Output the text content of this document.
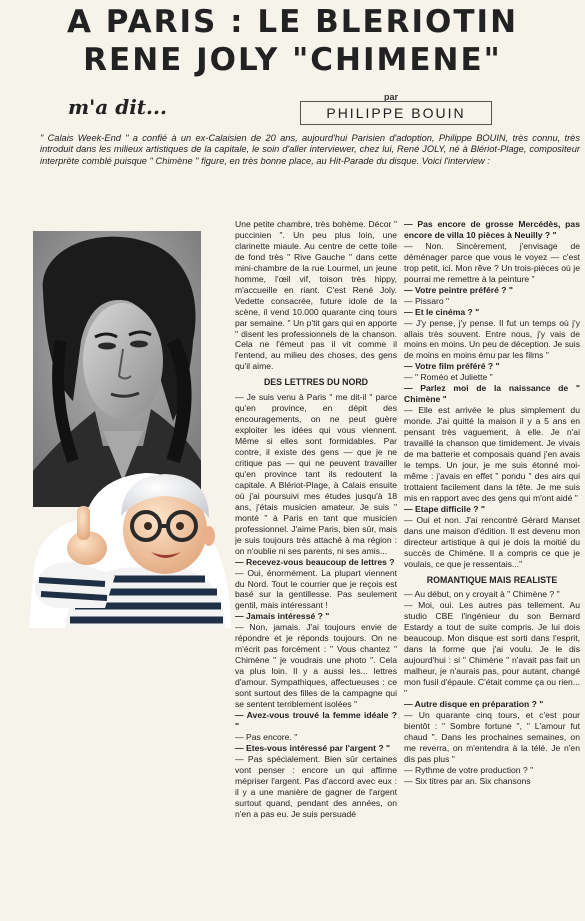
A PARIS : LE BLERIOTIN
RENE JOLY "CHIMENE"
m'a dit...	par
PHILIPPE BOUIN
" Calais Week-End " a confié à un ex-Calaisien de 20 ans, aujourd'hui Parisien d'adoption, Philippe BOUIN, très connu, très introduit dans les milieux artistiques de la capitale, le soin d'aller interviewer, chez lui, René JOLY, né à Blériot-Plage, compositeur interprète comblé puisque " Chimène " figure, en très bonne place, au Hit-Parade du disque. Voici l'interview :

Une petite chambre, très bohème. Décor " puccinien ". Un peu plus loin, une clarinette miaule. Au centre de cette toile de fond très " Rive Gauche " dans cette mini-chambre de la rue Lourmel, un jeune homme, l'œil vif, toison très hippy, m'accueille en riant. C'est René Joly. Vedette consacrée, future idole de la scène, il vend 10.000 quarante cinq tours par semaine. " Un p'tit gars qui en apporte " disent les professionnels de la chanson. Cela ne l'émeut pas il vit comme il l'entend, au milieu des choses, des gens qu'il aime.

DES LETTRES DU NORD

— Je suis venu à Paris " me dit-il " parce qu'en province, en dépit des encouragements, on ne peut guère exploiter les idées qui vous viennent. Même si elles sont formidables. Par contre, il existe des gens — que je ne critique pas — qui ne peuvent travailler qu'en province tant ils redoutent la capitale. A Blériot-Plage, à Calais ensuite où j'ai poursuivi mes études jusqu'à 18 ans, j'étais musicien amateur. Je suis " monté " à Paris en tant que musicien professionnel. J'aime Paris, bien sûr, mais je suis toujours très attaché à ma région : on n'oublie ni ses parents, ni ses amis...

— Recevez-vous beaucoup de lettres ?

— Oui, énormément. La plupart viennent du Nord. Tout le courrier que je reçois est basé sur la gentillesse. Pas seulement gentil, mais intéressant !

— Jamais intéressé ? "

— Non, jamais. J'ai toujours envie de répondre et je réponds toujours. On ne m'écrit pas forcément : " Vous chantez " Chimène " je voudrais une photo ". Cela va plus loin. Il y a aussi les... lettres d'amour. Sympathiques, affectueuses : ce sont surtout des filles de la campagne qui se sentent terriblement isolées "

— Avez-vous trouvé la femme idéale ? "

— Pas encore. "

— Etes-vous intéressé par l'argent ? "

— Pas spécialement. Bien sûr certaines vont penser : encore un qui affirme mépriser l'argent. Pas d'accord avec eux : il y a une manière de gagner de l'argent surtout quand, pendant des années, on n'en a pas eu. Je suis persuadé

— Pas encore de grosse Mercédès, pas encore de villa 10 pièces à Neuilly ? "

— Non. Sincèrement, j'envisage de déménager parce que vous le voyez — c'est trop petit, ici. Mon rêve ? Un trois-pièces où je pourrai me remettre à la peinture "

— Votre peintre préféré ? "

— Pissaro "

— Et le cinéma ? "

— J'y pense, j'y pense. Il fut un temps où j'y allais très souvent. Entre nous, j'y vais de moins en moins. Un peu de déception. Je suis de moins en moins ému par les films "

— Votre film préféré ? "

— " Roméo et Juliette "

— Parlez moi de la naissance de " Chimène "

— Elle est arrivée le plus simplement du monde. J'ai quitté la maison il y a 5 ans en pensant très vaguement, à elle. Je n'ai travaillé la chanson que timidement. Je vivais de ma batterie et composais quand j'en avais le temps. Un jour, je me suis étonné moi-même : j'avais en effet " pondu " des airs qui trottaient facilement dans la tête. Je me suis mis en rapport avec des gens qui m'ont aidé "

— Etape difficile ? "

— Oui et non. J'ai rencontré Gérard Manset dans une maison d'édition. Il est devenu mon directeur artistique à qui je dois la moitié du succès de Chimène. Il a compris ce que je voulais, ce que je ressentais..."

ROMANTIQUE MAIS REALISTE

— Au début, on y croyait à " Chimène ? "

— Moi, oui. Les autres pas tellement. Au studio CBE l'ingénieur du son Bernard Estardy a tout de suite compris. Je lui dois beaucoup. Mon disque est sorti dans l'esprit, dans la forme que j'ai voulu. Je le dis aujourd'hui : si " Chimène " n'avait pas fait un malheur, je n'aurais pas, pour autant, changé mon fusil d'épaule. C'était comme ça ou rien... "

— Autre disque en préparation ? "

— Un quarante cinq tours, et c'est pour bientôt : " Sombre fortune ", " L'amour fut chaud ". Dans les prochaines semaines, on me reverra, on m'entendra à la télé. Je n'en dis pas plus "

— Rythme de votre production ? "

— Six titres par an. Six chansons
